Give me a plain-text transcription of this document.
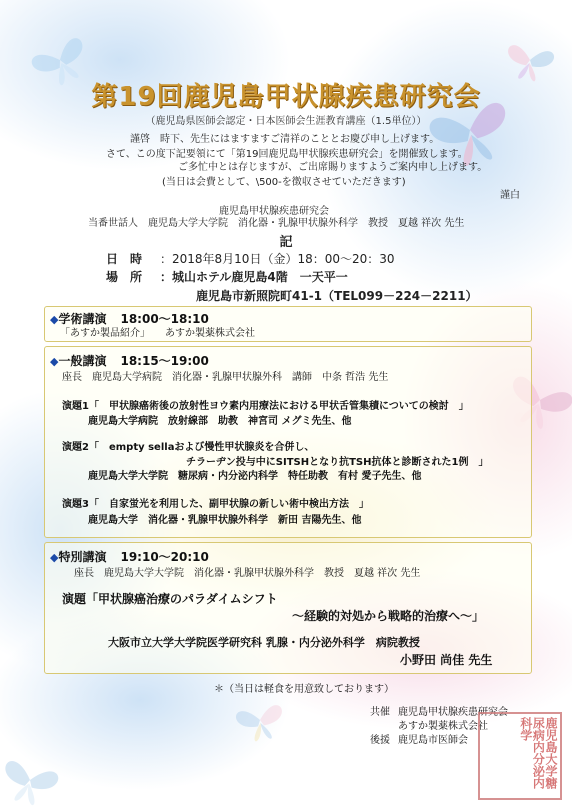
第19回鹿児島甲状腺疾患研究会
（鹿児島県医師会認定・日本医師会生涯教育講座（1.5単位））
謹啓　時下、先生にはますますご清祥のこととお慶び申し上げます。
さて、この度下記要領にて「第19回鹿児島甲状腺疾患研究会」を開催致します。
ご多忙中とは存じますが、ご出席賜りますようご案内申し上げます。
(当日は会費として、\500-を徴収させていただきます)
謹白
鹿児島甲状腺疾患研究会
当番世話人　鹿児島大学大学院　消化器・乳腺甲状腺外科学　教授　夏越 祥次 先生
記
日　時 ：2018年8月10日（金）18：00～20：30
場　所 ：城山ホテル鹿児島4階　一天平一
鹿児島市新照院町41-1（TEL099－224－2211）
◆学術講演 18:00～18:10
「あすか製品紹介」　　あすか製薬株式会社
◆一般講演 18:15～19:00
座長　鹿児島大学病院　消化器・乳腺甲状腺外科　講師　中条 哲浩 先生
演題1「　甲状腺癌術後の放射性ヨウ素内用療法における甲状舌管集積についての検討　」
鹿児島大学病院　放射線部　助教　神宮司 メグミ先生、他
演題2「　empty sellaおよび慢性甲状腺炎を合併し、
チラーヂン投与中にSITSHとなり抗TSH抗体と診断された1例　」
鹿児島大学大学院　糖尿病・内分泌内科学　特任助教　有村 愛子先生、他
演題3「　自家蛍光を利用した、副甲状腺の新しい術中検出方法　」
鹿児島大学　消化器・乳腺甲状腺外科学　新田 吉陽先生、他
◆特別講演 19:10～20:10
座長　鹿児島大学大学院　消化器・乳腺甲状腺外科学　教授　夏越 祥次 先生
演題「甲状腺癌治療のパラダイムシフト
～経験的対処から戦略的治療へ～」
大阪市立大学大学院医学研究科 乳腺・内分泌外科学　病院教授
小野田 尚佳 先生
＊（当日は軽食を用意致しております）
共催 鹿児島甲状腺疾患研究会
あすか製薬株式会社
後援 鹿児島市医師会	鹿児島大学糖尿病内分泌内科学
